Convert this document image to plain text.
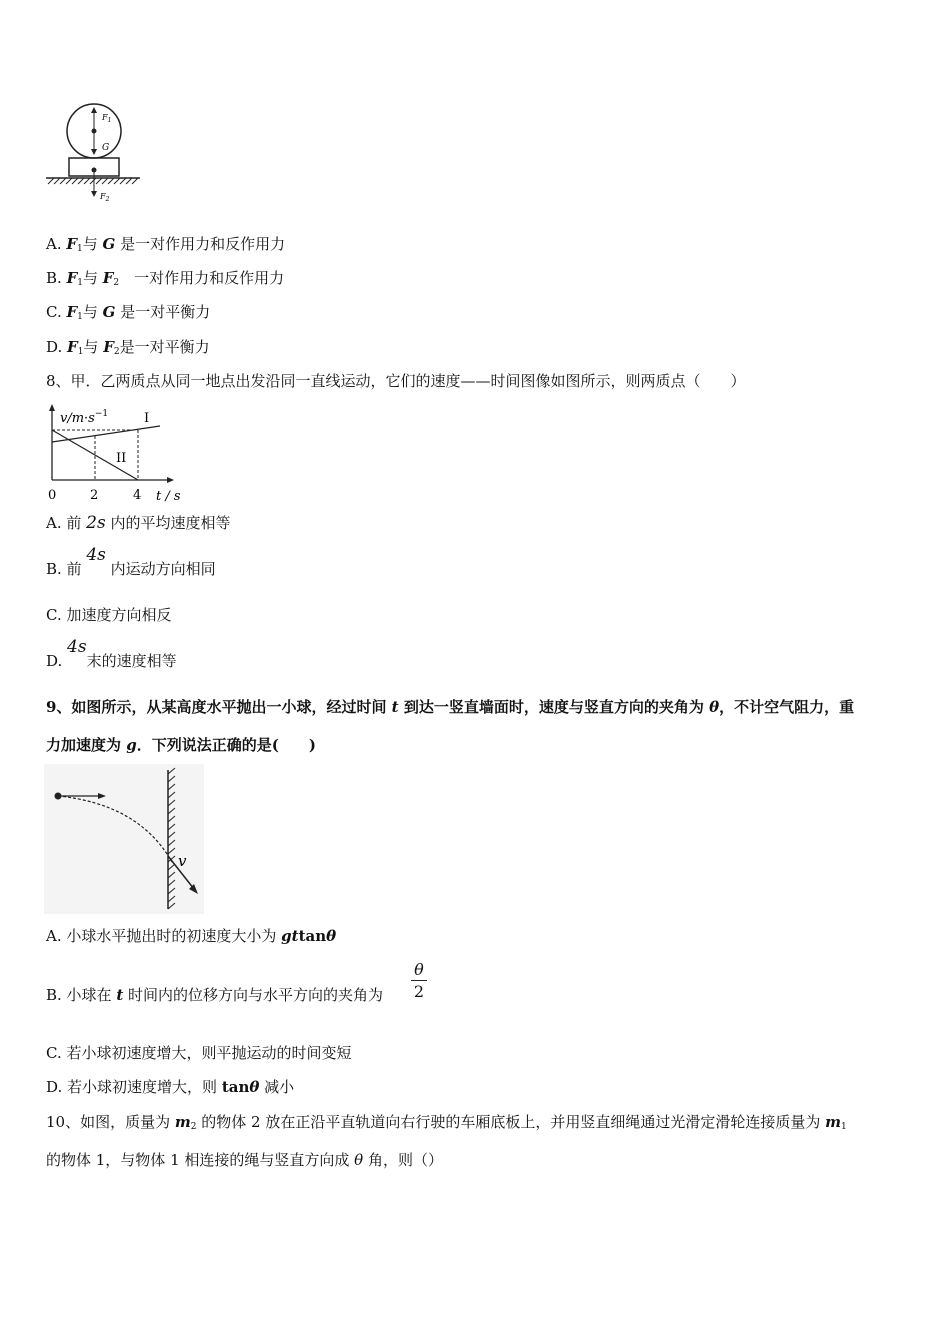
$F_1$
G
$F_2$
A. $F_1$与 G 是一对作用力和反作用力
B. $F_1$与 $F_2$　一对作用力和反作用力
C. $F_1$与 G 是一对平衡力
D. $F_1$与 $F_2$是一对平衡力
8、甲．乙两质点从同一地点出发沿同一直线运动，它们的速度——时间图像如图所示，则两质点（　　）
$v/m\cdot s^{-1}$	I
II
0	2	4 t / s
A. 前 2s 内的平均速度相等
B. 前 4s 内运动方向相同
C. 加速度方向相反
D. 4s末的速度相等
9、如图所示，从某高度水平抛出一小球，经过时间 t 到达一竖直墙面时，速度与竖直方向的夹角为 θ，不计空气阻力，重
力加速度为 g．下列说法正确的是(　　)
v
A. 小球水平抛出时的初速度大小为 gttanθ
B. 小球在 t 时间内的位移方向与水平方向的夹角为
θ
2
C. 若小球初速度增大，则平抛运动的时间变短
D. 若小球初速度增大，则 tanθ 减小
10、如图，质量为 $m_2$ 的物体 2 放在正沿平直轨道向右行驶的车厢底板上，并用竖直细绳通过光滑定滑轮连接质量为 $m_1$
的物体 1，与物体 1 相连接的绳与竖直方向成 θ 角，则（）
